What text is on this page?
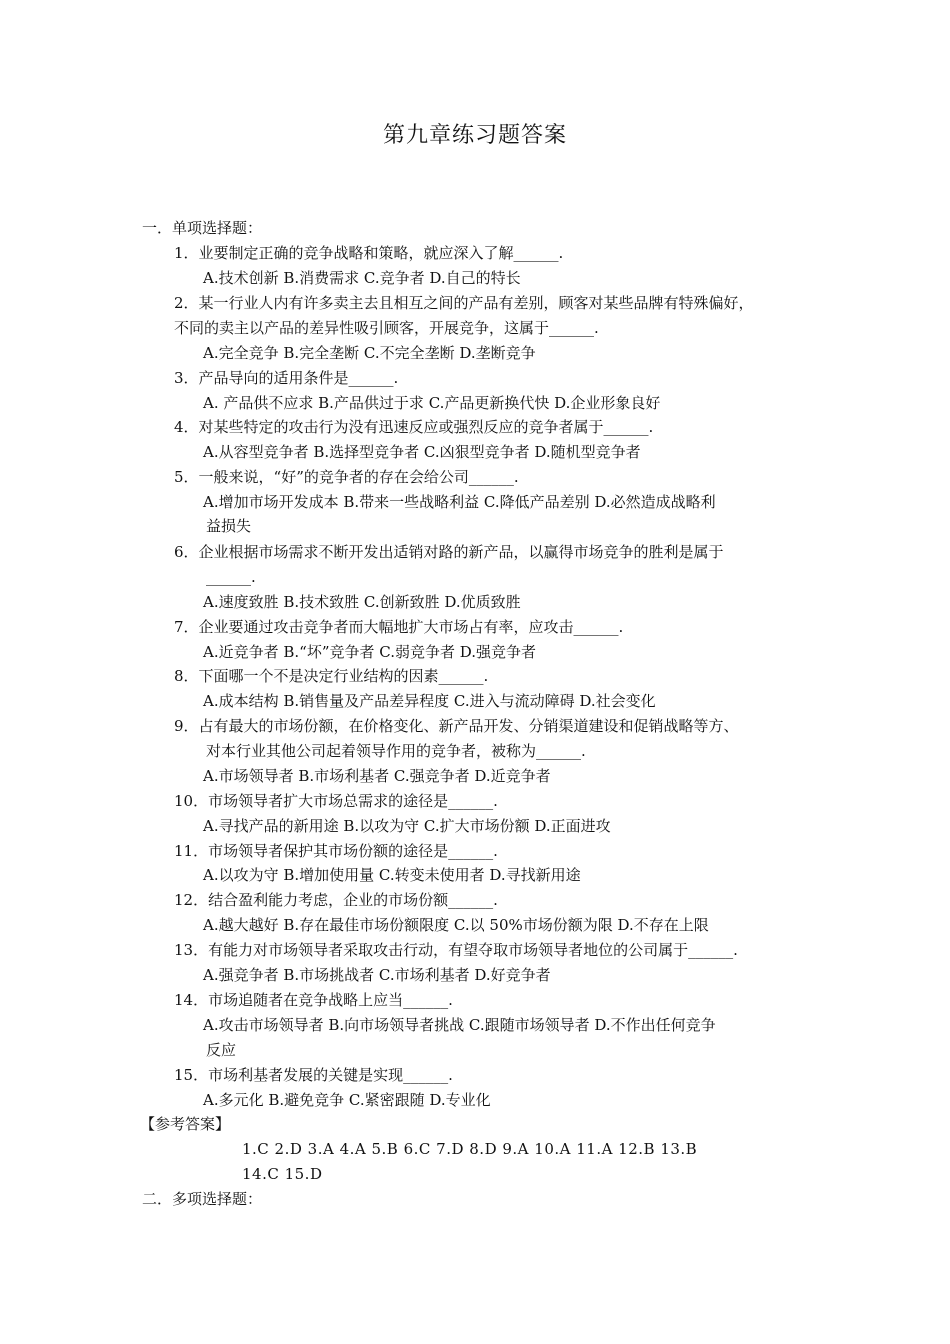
第九章练习题答案
一．单项选择题：
1．业要制定正确的竞争战略和策略，就应深入了解______.
A.技术创新 B.消费需求 C.竞争者 D.自己的特长
2．某一行业人内有许多卖主去且相互之间的产品有差别，顾客对某些品牌有特殊偏好，
不同的卖主以产品的差异性吸引顾客，开展竞争，这属于______.
A.完全竞争 B.完全垄断 C.不完全垄断 D.垄断竞争
3．产品导向的适用条件是______.
A. 产品供不应求 B.产品供过于求 C.产品更新换代快 D.企业形象良好
4．对某些特定的攻击行为没有迅速反应或强烈反应的竞争者属于______.
A.从容型竞争者 B.选择型竞争者 C.凶狠型竞争者 D.随机型竞争者
5．一般来说，“好”的竞争者的存在会给公司______.
A.增加市场开发成本 B.带来一些战略利益 C.降低产品差别 D.必然造成战略利
益损失
6．企业根据市场需求不断开发出适销对路的新产品，以赢得市场竞争的胜利是属于
______.
A.速度致胜 B.技术致胜 C.创新致胜 D.优质致胜
7．企业要通过攻击竞争者而大幅地扩大市场占有率，应攻击______.
A.近竞争者 B.“坏”竞争者 C.弱竞争者 D.强竞争者
8．下面哪一个不是决定行业结构的因素______.
A.成本结构 B.销售量及产品差异程度 C.进入与流动障碍 D.社会变化
9．占有最大的市场份额，在价格变化、新产品开发、分销渠道建设和促销战略等方、
对本行业其他公司起着领导作用的竞争者，被称为______.
A.市场领导者 B.市场利基者 C.强竞争者 D.近竞争者
10．市场领导者扩大市场总需求的途径是______.
A.寻找产品的新用途 B.以攻为守 C.扩大市场份额 D.正面进攻
11．市场领导者保护其市场份额的途径是______.
A.以攻为守 B.增加使用量 C.转变未使用者 D.寻找新用途
12．结合盈利能力考虑，企业的市场份额______.
A.越大越好 B.存在最佳市场份额限度 C.以 50%市场份额为限 D.不存在上限
13．有能力对市场领导者采取攻击行动，有望夺取市场领导者地位的公司属于______.
A.强竞争者 B.市场挑战者 C.市场利基者 D.好竞争者
14．市场追随者在竞争战略上应当______.
A.攻击市场领导者 B.向市场领导者挑战 C.跟随市场领导者 D.不作出任何竞争
反应
15．市场利基者发展的关键是实现______.
A.多元化 B.避免竞争 C.紧密跟随 D.专业化
【参考答案】
1.C 2.D 3.A 4.A 5.B 6.C 7.D 8.D 9.A 10.A 11.A 12.B 13.B
14.C 15.D
二．多项选择题：
